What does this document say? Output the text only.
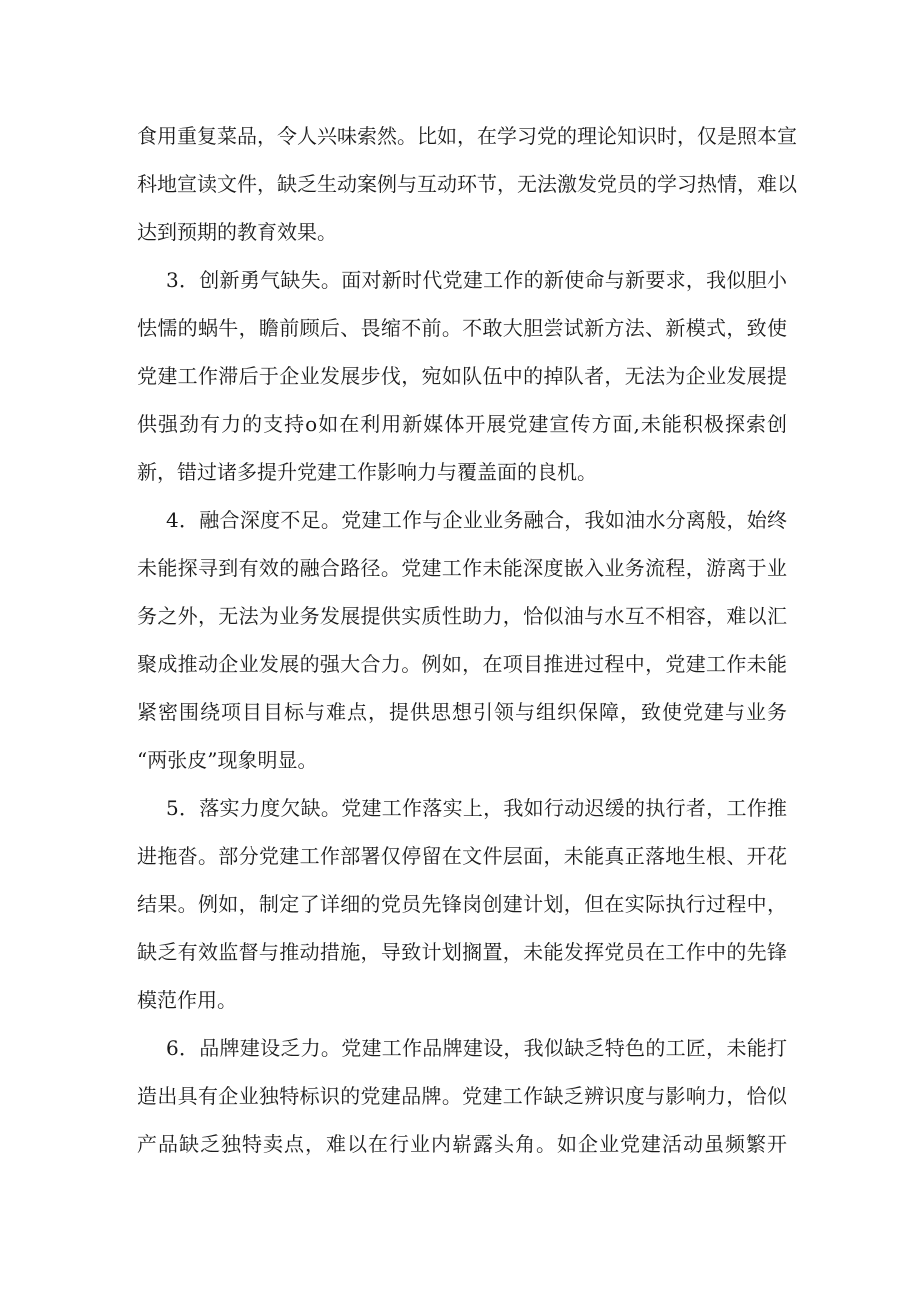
食用重复菜品，令人兴味索然。比如，在学习党的理论知识时，仅是照本宣
科地宣读文件，缺乏生动案例与互动环节，无法激发党员的学习热情，难以
达到预期的教育效果。
3．创新勇气缺失。面对新时代党建工作的新使命与新要求，我似胆小
怯懦的蜗牛，瞻前顾后、畏缩不前。不敢大胆尝试新方法、新模式，致使
党建工作滞后于企业发展步伐，宛如队伍中的掉队者，无法为企业发展提
供强劲有力的支持o如在利用新媒体开展党建宣传方面,未能积极探索创
新，错过诸多提升党建工作影响力与覆盖面的良机。
4．融合深度不足。党建工作与企业业务融合，我如油水分离般，始终
未能探寻到有效的融合路径。党建工作未能深度嵌入业务流程，游离于业
务之外，无法为业务发展提供实质性助力，恰似油与水互不相容，难以汇
聚成推动企业发展的强大合力。例如，在项目推进过程中，党建工作未能
紧密围绕项目目标与难点，提供思想引领与组织保障，致使党建与业务
“两张皮”现象明显。
5．落实力度欠缺。党建工作落实上，我如行动迟缓的执行者，工作推
进拖沓。部分党建工作部署仅停留在文件层面，未能真正落地生根、开花
结果。例如，制定了详细的党员先锋岗创建计划，但在实际执行过程中，
缺乏有效监督与推动措施，导致计划搁置，未能发挥党员在工作中的先锋
模范作用。
6．品牌建设乏力。党建工作品牌建设，我似缺乏特色的工匠，未能打
造出具有企业独特标识的党建品牌。党建工作缺乏辨识度与影响力，恰似
产品缺乏独特卖点，难以在行业内崭露头角。如企业党建活动虽频繁开
